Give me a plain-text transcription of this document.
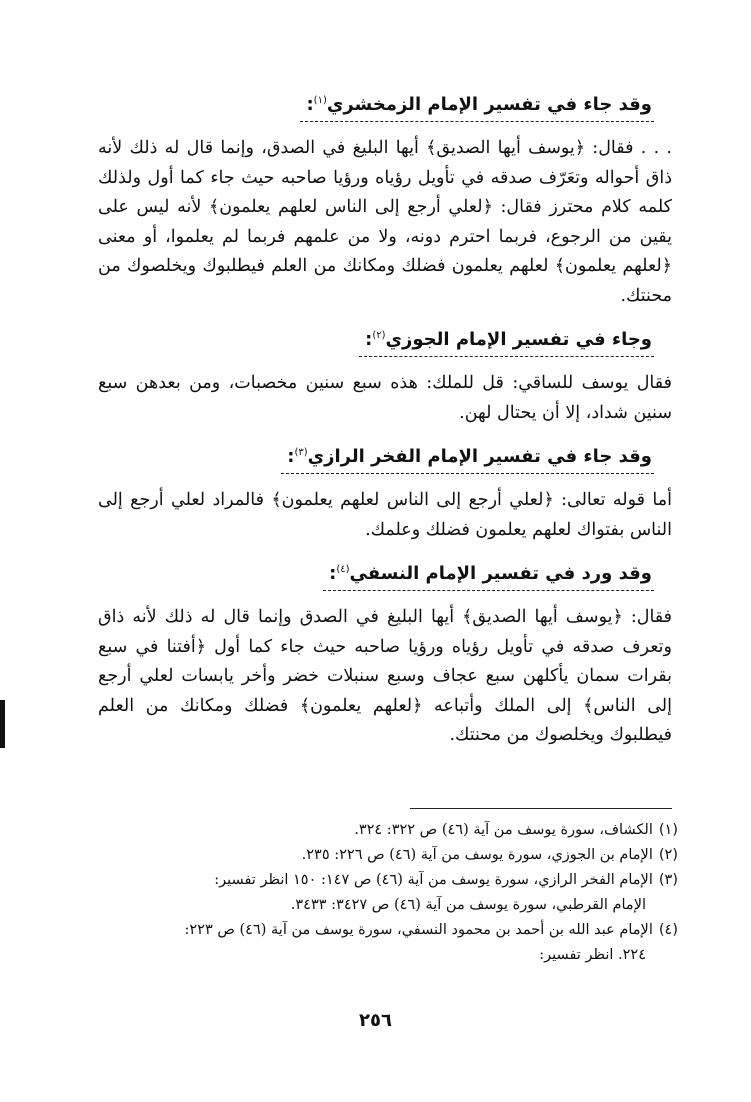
وقد جاء في تفسير الإمام الزمخشري$^{(١)}$:

. . . فقال: ﴿يوسف أيها الصديق﴾ أيها البليغ في الصدق، وإنما قال له ذلك لأنه ذاق أحواله وتعَرّف صدقه في تأويل رؤياه ورؤيا صاحبه حيث جاء كما أول ولذلك كلمه كلام محترز فقال: ﴿لعلي أرجع إلى الناس لعلهم يعلمون﴾ لأنه ليس على يقين من الرجوع، فربما احترم دونه، ولا من علمهم فربما لم يعلموا، أو معنى ﴿لعلهم يعلمون﴾ لعلهم يعلمون فضلك ومكانك من العلم فيطلبوك ويخلصوك من محنتك.

وجاء في تفسير الإمام الجوزي$^{(٢)}$:

فقال يوسف للساقي: قل للملك: هذه سبع سنين مخصبات، ومن بعدهن سبع سنين شداد، إلا أن يحتال لهن.

وقد جاء في تفسير الإمام الفخر الرازي$^{(٣)}$:

أما قوله تعالى: ﴿لعلي أرجع إلى الناس لعلهم يعلمون﴾ فالمراد لعلي أرجع إلى الناس بفتواك لعلهم يعلمون فضلك وعلمك.

وقد ورد في تفسير الإمام النسفي$^{(٤)}$:

فقال: ﴿يوسف أيها الصديق﴾ أيها البليغ في الصدق وإنما قال له ذلك لأنه ذاق وتعرف صدقه في تأويل رؤياه ورؤيا صاحبه حيث جاء كما أول ﴿أفتنا في سبع بقرات سمان يأكلهن سبع عجاف وسبع سنبلات خضر وأخر يابسات لعلي أرجع إلى الناس﴾ إلى الملك وأتباعه ﴿لعلهم يعلمون﴾ فضلك ومكانك من العلم فيطلبوك ويخلصوك من محنتك.

(١)الكشاف، سورة يوسف من آية (٤٦) ص ٣٢٢: ٣٢٤.

(٢)الإمام بن الجوزي، سورة يوسف من آية (٤٦) ص ٢٢٦: ٢٣٥.

(٣)الإمام الفخر الرازي، سورة يوسف من آية (٤٦) ص ١٤٧: ١٥٠ انظر تفسير:

الإمام القرطبي، سورة يوسف من آية (٤٦) ص ٣٤٢٧: ٣٤٣٣.

(٤)الإمام عبد الله بن أحمد بن محمود النسفي، سورة يوسف من آية (٤٦) ص ٢٢٣:

٢٢٤. انظر تفسير:

٢٥٦
